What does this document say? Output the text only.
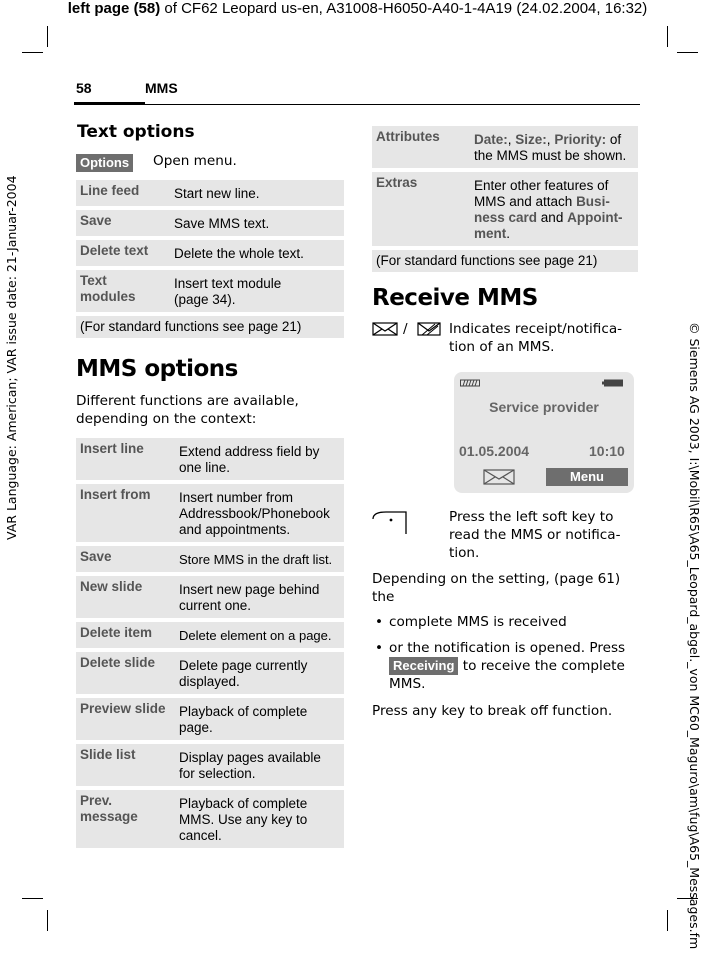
left page (58) of CF62 Leopard us-en, A31008-H6050-A40-1-4A19 (24.02.2004, 16:32)
VAR Language: American; VAR issue date: 21-Januar-2004	© Siemens AG 2003, I:\Mobil\R65\A65_Leopard_abgel._von MC60_Maguro\am\fug\A65_Messages.fm
58	MMS
Text options
Options Open menu.
Line feed	Start new line.
Save	Save MMS text.
Delete text	Delete the whole text.

Text modules	Insert text module (page 34).

(For standard functions see page 21)	
MMS options
Different functions are available, depending on the context:
Insert line	Extend address field by one line.
Insert from	Insert number from Addressbook/Phonebook and appointments.
Save	Store MMS in the draft list.
New slide	Insert new page behind current one.
Delete item	Delete element on a page.
Delete slide	Delete page currently displayed.
Preview slide	Playback of complete page.
Slide list	Display pages available for selection.

Prev. message	Playback of complete MMS. Use any key to cancel.
Attributes	Date:, Size:, Priority: of the MMS must be shown.
Extras	Enter other features of MMS and attach Busi-ness card and Appoint-ment.
(For standard functions see page 21)	
Receive MMS
/	Indicates receipt/notifica-tion of an MMS.
Service provider
01.05.2004	10:10
Menu
Press the left soft key to read the MMS or notifica-tion.
Depending on the setting, (page 61) the
• complete MMS is received
• or the notification is opened. Press
Receiving to receive the complete MMS.
Press any key to break off function.
